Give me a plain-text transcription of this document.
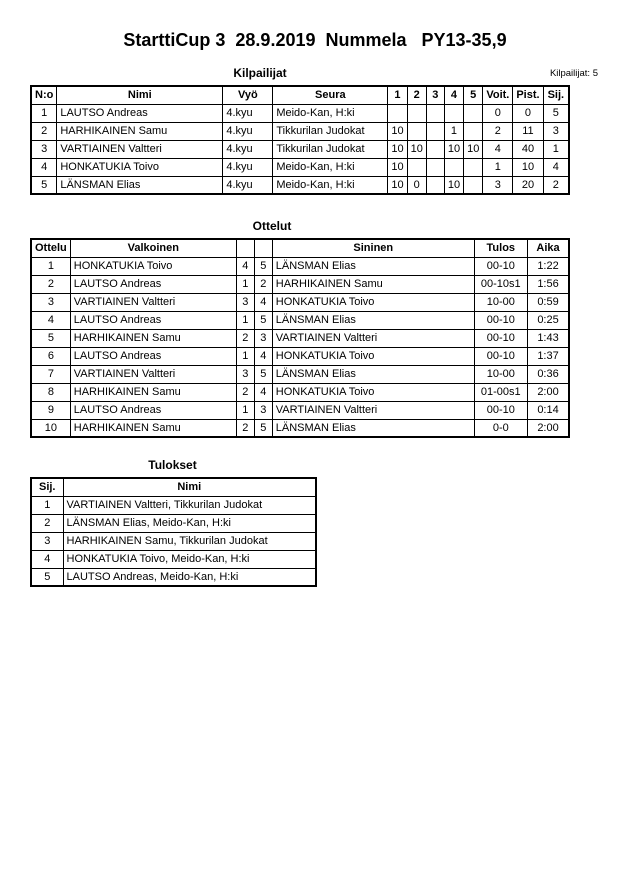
StarttiCup 3  28.9.2019  Nummela   PY13-35,9
Kilpailijat	Kilpailijat: 5
N:o	Nimi	Vyö	Seura	1	2	3	4	5	Voit.	Pist.	Sij.
1	LAUTSO Andreas	4.kyu	Meido-Kan, H:ki						0	0	5
2	HARHIKAINEN Samu	4.kyu	Tikkurilan Judokat	10			1		2	11	3
3	VARTIAINEN Valtteri	4.kyu	Tikkurilan Judokat	10	10		10	10	4	40	1
4	HONKATUKIA Toivo	4.kyu	Meido-Kan, H:ki	10					1	10	4
5	LÄNSMAN Elias	4.kyu	Meido-Kan, H:ki	10	0		10		3	20	2
Ottelut
Ottelu	Valkoinen			Sininen	Tulos	Aika
1	HONKATUKIA Toivo	4	5	LÄNSMAN Elias	00-10	1:22
2	LAUTSO Andreas	1	2	HARHIKAINEN Samu	00-10s1	1:56
3	VARTIAINEN Valtteri	3	4	HONKATUKIA Toivo	10-00	0:59
4	LAUTSO Andreas	1	5	LÄNSMAN Elias	00-10	0:25
5	HARHIKAINEN Samu	2	3	VARTIAINEN Valtteri	00-10	1:43
6	LAUTSO Andreas	1	4	HONKATUKIA Toivo	00-10	1:37
7	VARTIAINEN Valtteri	3	5	LÄNSMAN Elias	10-00	0:36
8	HARHIKAINEN Samu	2	4	HONKATUKIA Toivo	01-00s1	2:00
9	LAUTSO Andreas	1	3	VARTIAINEN Valtteri	00-10	0:14
10	HARHIKAINEN Samu	2	5	LÄNSMAN Elias	0-0	2:00
Tulokset
Sij.	Nimi
1	VARTIAINEN Valtteri, Tikkurilan Judokat
2	LÄNSMAN Elias, Meido-Kan, H:ki
3	HARHIKAINEN Samu, Tikkurilan Judokat
4	HONKATUKIA Toivo, Meido-Kan, H:ki
5	LAUTSO Andreas, Meido-Kan, H:ki
